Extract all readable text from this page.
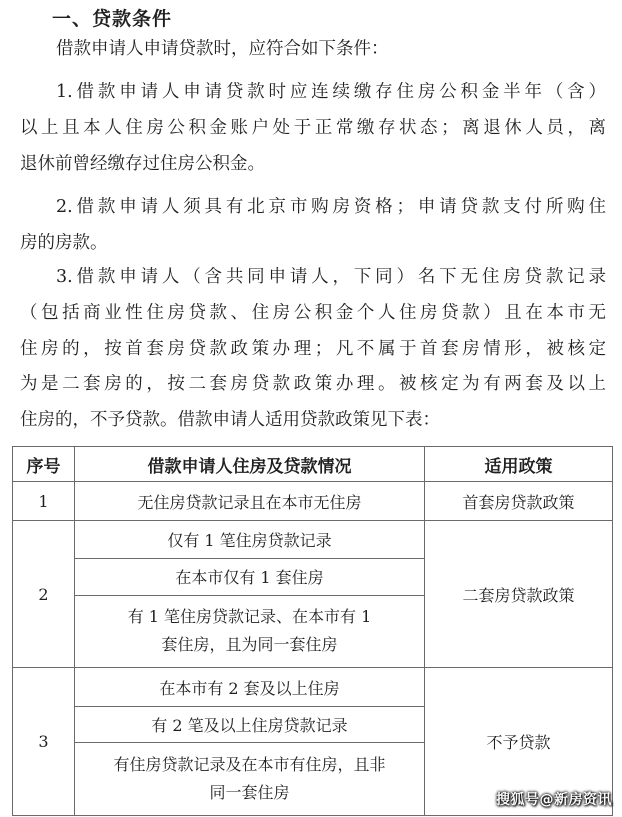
一、贷款条件
借款申请人申请贷款时，应符合如下条件：
1.借款申请人申请贷款时应连续缴存住房公积金半年（含）
以上且本人住房公积金账户处于正常缴存状态；离退休人员，离
退休前曾经缴存过住房公积金。
2.借款申请人须具有北京市购房资格；申请贷款支付所购住
房的房款。
3.借款申请人（含共同申请人，下同）名下无住房贷款记录
（包括商业性住房贷款、住房公积金个人住房贷款）且在本市无
住房的，按首套房贷款政策办理；凡不属于首套房情形，被核定
为是二套房的，按二套房贷款政策办理。被核定为有两套及以上
住房的，不予贷款。借款申请人适用贷款政策见下表：
序号	借款申请人住房及贷款情况	适用政策
1	无住房贷款记录且在本市无住房	首套房贷款政策
2	仅有 1 笔住房贷款记录	二套房贷款政策
	在本市仅有 1 套住房	
	有 1 笔住房贷款记录、在本市有 1 套住房，且为同一套住房	
3	在本市有 2 套及以上住房	不予贷款
	有 2 笔及以上住房贷款记录	
	有住房贷款记录及在本市有住房，且非同一套住房		搜狐号@新房资讯
